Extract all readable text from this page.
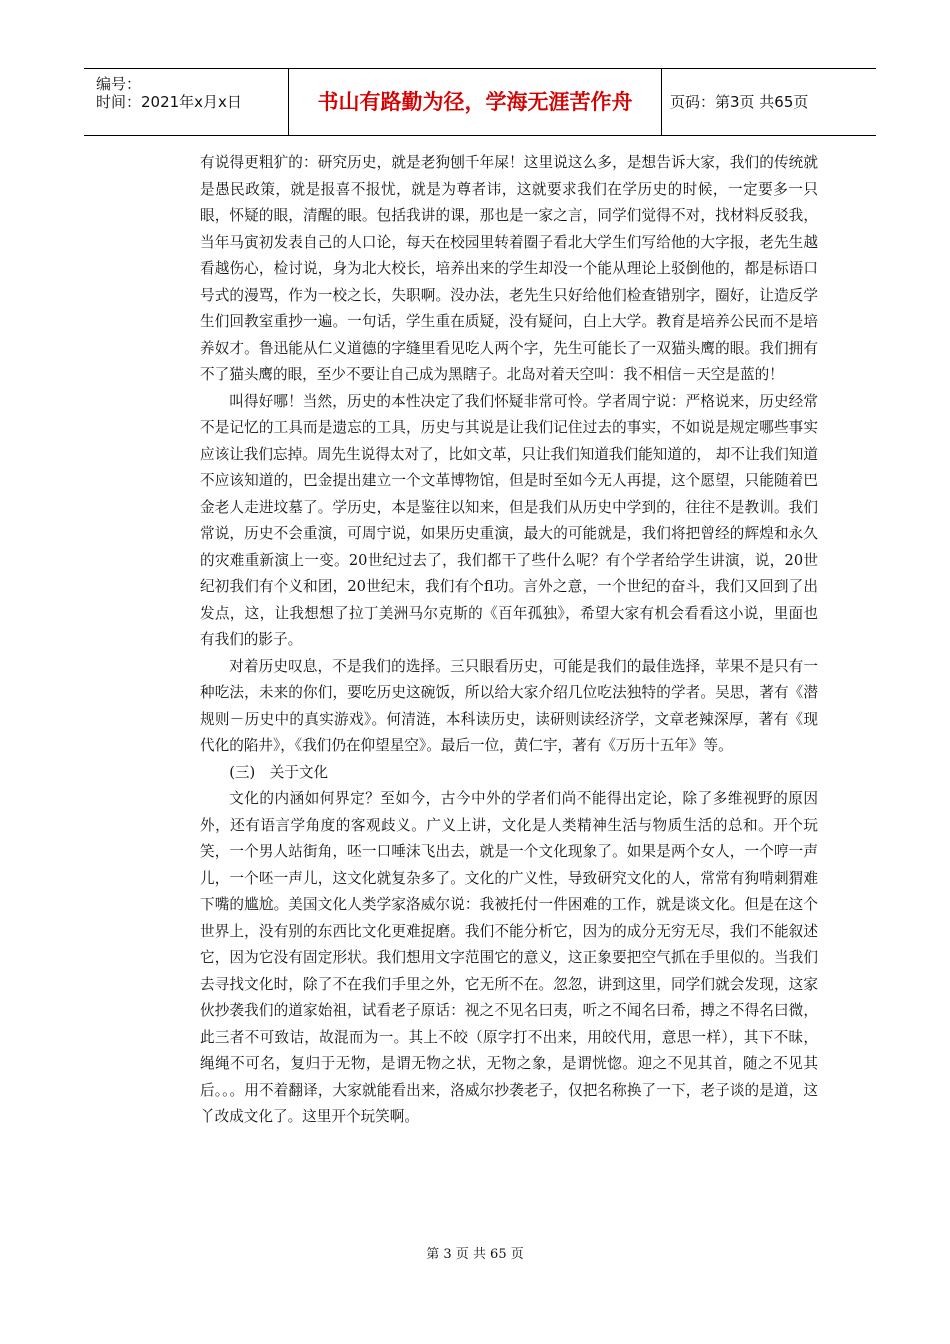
编号：
时间：2021年x月x日	书山有路勤为径，学海无涯苦作舟	页码：第3页 共65页

有说得更粗犷的：研究历史，就是老狗刨千年屎！这里说这么多，是想告诉大家，我们的传统就是愚民政策，就是报喜不报忧，就是为尊者讳，这就要求我们在学历史的时候，一定要多一只眼，怀疑的眼，清醒的眼。包括我讲的课，那也是一家之言，同学们觉得不对，找材料反驳我，当年马寅初发表自己的人口论，每天在校园里转着圈子看北大学生们写给他的大字报，老先生越看越伤心，检讨说，身为北大校长，培养出来的学生却没一个能从理论上驳倒他的，都是标语口号式的漫骂，作为一校之长，失职啊。没办法，老先生只好给他们检查错别字，圈好，让造反学生们回教室重抄一遍。一句话，学生重在质疑，没有疑问，白上大学。教育是培养公民而不是培养奴才。鲁迅能从仁义道德的字缝里看见吃人两个字，先生可能长了一双猫头鹰的眼。我们拥有不了猫头鹰的眼，至少不要让自己成为黑瞎子。北岛对着天空叫：我不相信－天空是蓝的！

叫得好哪！当然，历史的本性决定了我们怀疑非常可怜。学者周宁说：严格说来，历史经常不是记忆的工具而是遗忘的工具，历史与其说是让我们记住过去的事实，不如说是规定哪些事实应该让我们忘掉。周先生说得太对了，比如文革，只让我们知道我们能知道的， 却不让我们知道不应该知道的，巴金提出建立一个文革博物馆，但是时至如今无人再提，这个愿望，只能随着巴金老人走进坟墓了。学历史，本是鉴往以知来，但是我们从历史中学到的，往往不是教训。我们常说，历史不会重演，可周宁说，如果历史重演，最大的可能就是，我们将把曾经的辉煌和永久的灾难重新演上一变。20世纪过去了，我们都干了些什么呢？有个学者给学生讲演，说，20世纪初我们有个义和团，20世纪末，我们有个fl功。言外之意，一个世纪的奋斗，我们又回到了出发点，这，让我想想了拉丁美洲马尔克斯的《百年孤独》，希望大家有机会看看这小说，里面也有我们的影子。

对着历史叹息，不是我们的选择。三只眼看历史，可能是我们的最佳选择，苹果不是只有一种吃法，未来的你们，要吃历史这碗饭，所以给大家介绍几位吃法独特的学者。吴思，著有《潜规则－历史中的真实游戏》。何清涟，本科读历史，读研则读经济学，文章老辣深厚，著有《现代化的陷井》，《我们仍在仰望星空》。最后一位，黄仁宇，著有《万历十五年》等。

(三)　关于文化

文化的内涵如何界定？至如今，古今中外的学者们尚不能得出定论，除了多维视野的原因外，还有语言学角度的客观歧义。广义上讲，文化是人类精神生活与物质生活的总和。开个玩笑，一个男人站街角，呸一口唾沫飞出去，就是一个文化现象了。如果是两个女人，一个哼一声儿，一个呸一声儿，这文化就复杂多了。文化的广义性，导致研究文化的人，常常有狗啃刺猬难下嘴的尴尬。美国文化人类学家洛威尔说：我被托付一件困难的工作，就是谈文化。但是在这个世界上，没有别的东西比文化更难捉磨。我们不能分析它，因为的成分无穷无尽，我们不能叙述它，因为它没有固定形状。我们想用文字范围它的意义，这正象要把空气抓在手里似的。当我们去寻找文化时，除了不在我们手里之外，它无所不在。忽忽，讲到这里，同学们就会发现，这家伙抄袭我们的道家始祖，试看老子原话：视之不见名曰夷，听之不闻名曰希，搏之不得名曰微，此三者不可致诘，故混而为一。其上不皎（原字打不出来，用皎代用，意思一样），其下不昧，绳绳不可名，复归于无物，是谓无物之状，无物之象，是谓恍惚。迎之不见其首，随之不见其后。。。用不着翻译，大家就能看出来，洛威尔抄袭老子，仅把名称换了一下，老子谈的是道，这丫改成文化了。这里开个玩笑啊。

第 3 页 共 65 页
